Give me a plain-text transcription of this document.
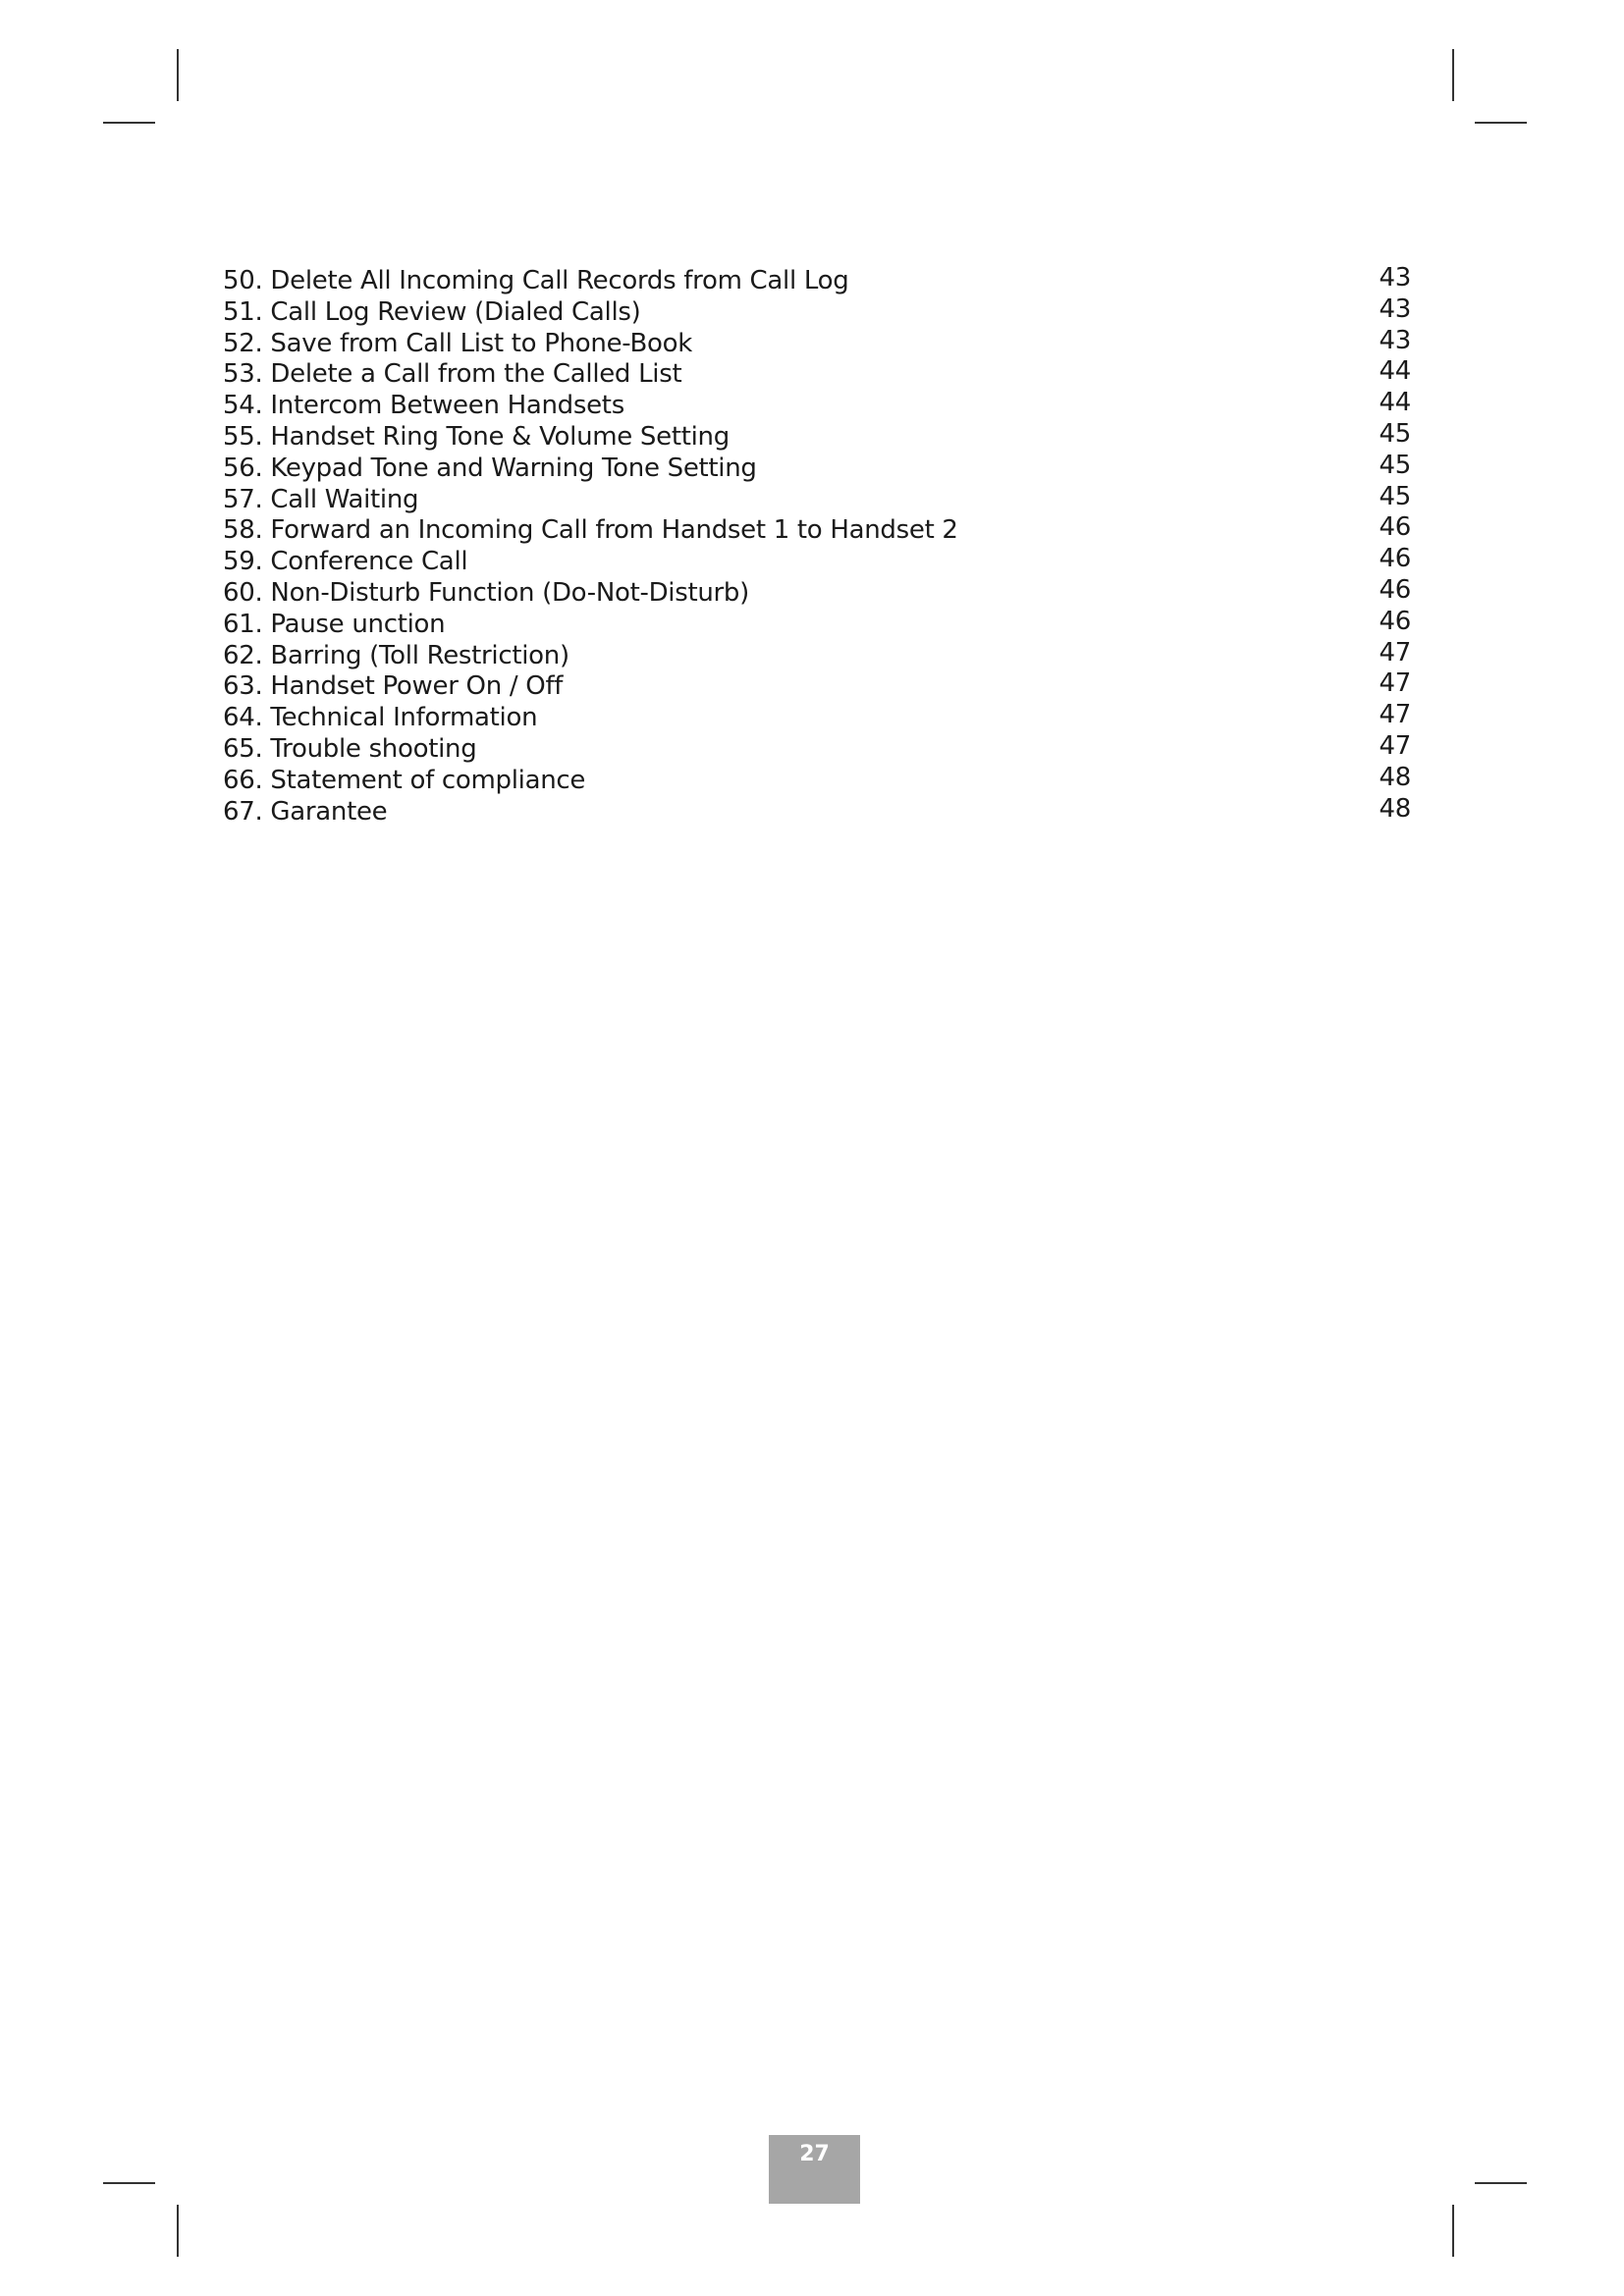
50. Delete All Incoming Call Records from Call Log	43
51. Call Log Review (Dialed Calls)	43
52. Save from Call List to Phone-Book	43
53. Delete a Call from the Called List	44
54. Intercom Between Handsets	44
55. Handset Ring Tone & Volume Setting	45
56. Keypad Tone and Warning Tone Setting	45
57. Call Waiting	45
58. Forward an Incoming Call from Handset 1 to Handset 2	46
59. Conference Call	46
60. Non-Disturb Function (Do-Not-Disturb)	46
61. Pause unction	46
62. Barring (Toll Restriction)	47
63. Handset Power On / Off	47
64. Technical Information	47
65. Trouble shooting	47
66. Statement of compliance	48
67. Garantee	48
27
